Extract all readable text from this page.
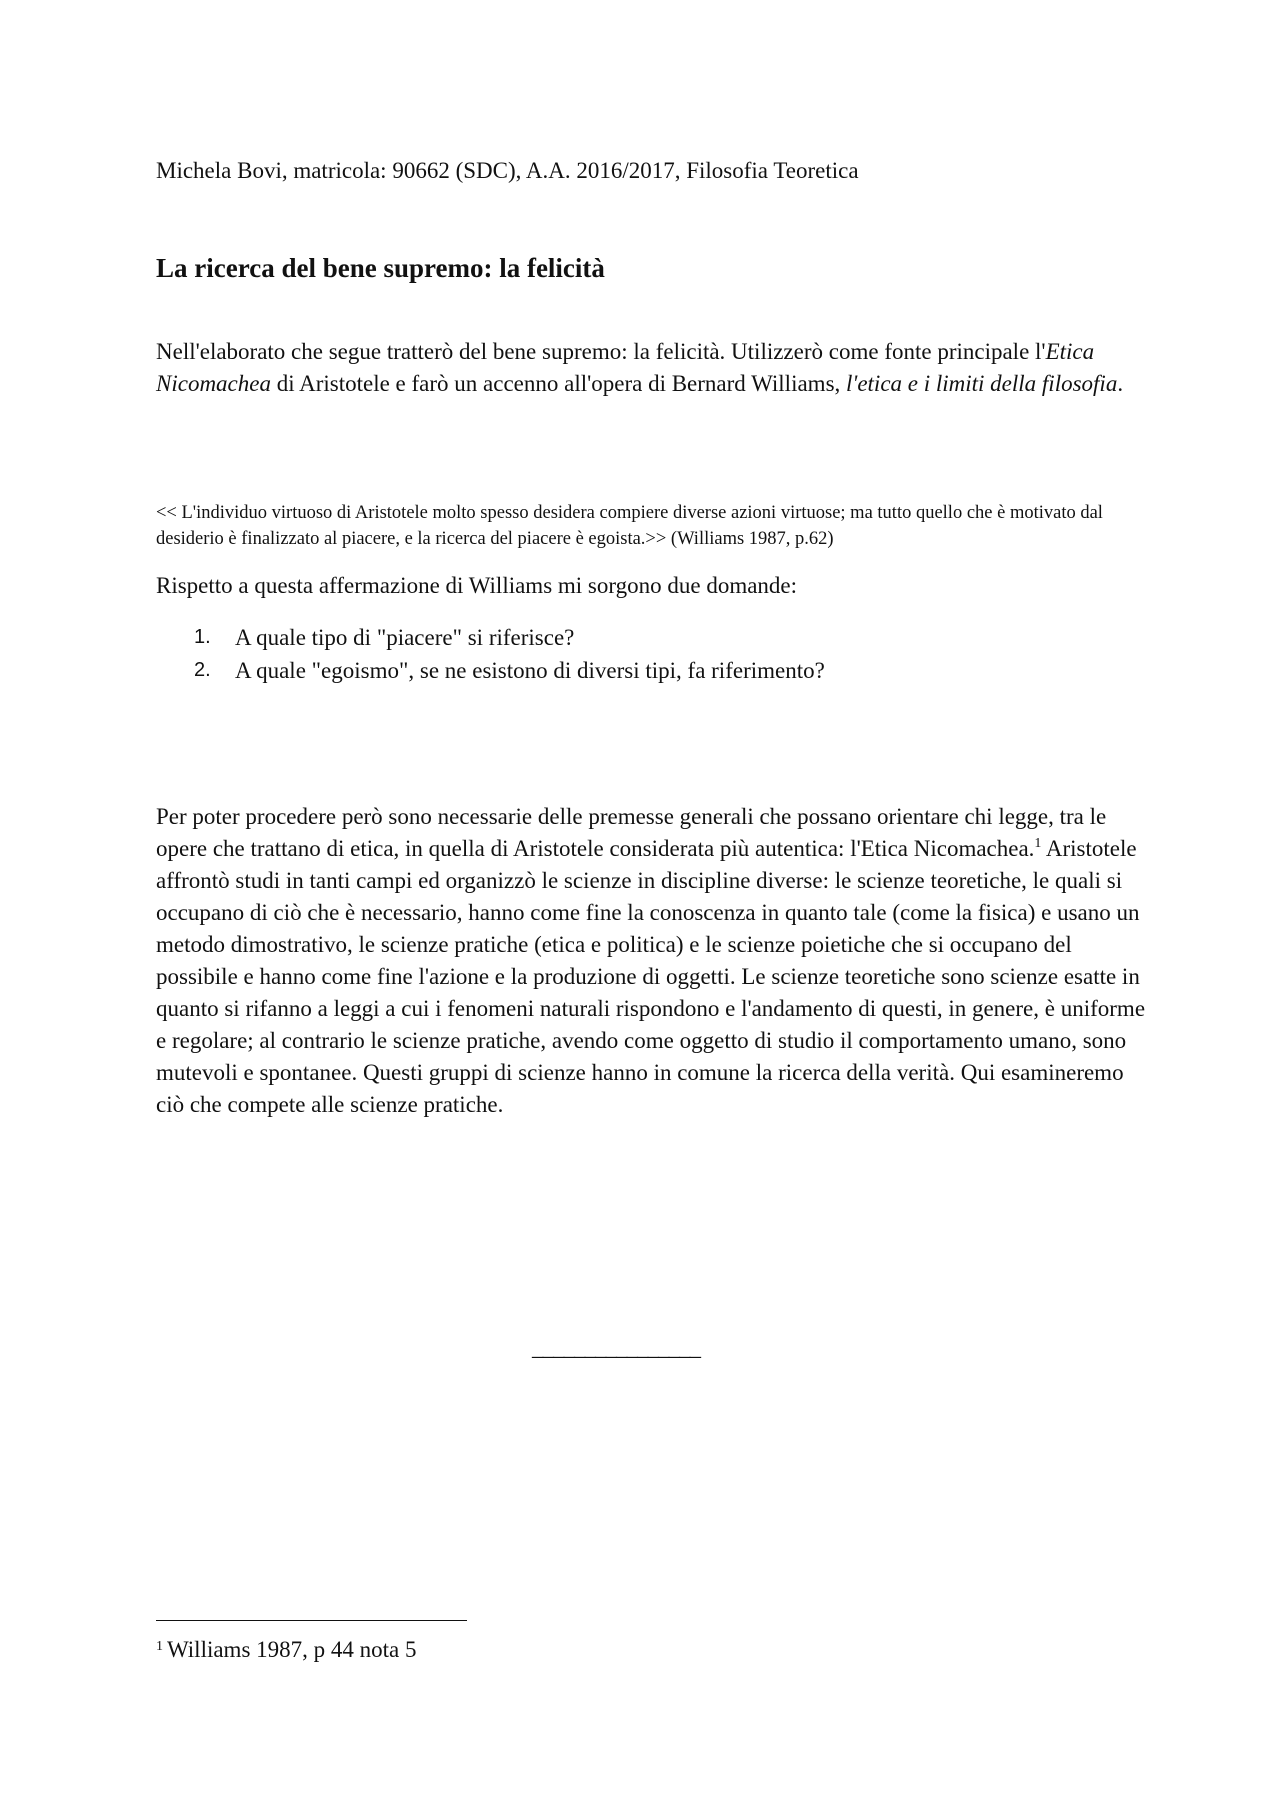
Michela Bovi, matricola: 90662 (SDC), A.A. 2016/2017, Filosofia Teoretica
La ricerca del bene supremo: la felicità

Nell'elaborato che segue tratterò del bene supremo: la felicità. Utilizzerò come fonte principale l'Etica Nicomachea di Aristotele e farò un accenno all'opera di Bernard Williams, l'etica e i limiti della filosofia.

<< L'individuo virtuoso di Aristotele molto spesso desidera compiere diverse azioni virtuose; ma tutto quello che è motivato dal desiderio è finalizzato al piacere, e la ricerca del piacere è egoista.>> (Williams 1987, p.62)

Rispetto a questa affermazione di Williams mi sorgono due domande:

1.	A quale tipo di "piacere" si riferisce?
2.	A quale "egoismo", se ne esistono di diversi tipi, fa riferimento?

Per poter procedere però sono necessarie delle premesse generali che possano orientare chi legge, tra le opere che trattano di etica, in quella di Aristotele considerata più autentica: l'Etica Nicomachea.$^1$ Aristotele affrontò studi in tanti campi ed organizzò le scienze in discipline diverse: le scienze teoretiche, le quali si occupano di ciò che è necessario, hanno come fine la conoscenza in quanto tale (come la fisica) e usano un metodo dimostrativo, le scienze pratiche (etica e politica) e le scienze poietiche che si occupano del possibile e hanno come fine l'azione e la produzione di oggetti. Le scienze teoretiche sono scienze esatte in quanto si rifanno a leggi a cui i fenomeni naturali rispondono e l'andamento di questi, in genere, è uniforme e regolare; al contrario le scienze pratiche, avendo come oggetto di studio il comportamento umano, sono mutevoli e spontanee. Questi gruppi di scienze hanno in comune la ricerca della verità. Qui esamineremo ciò che compete alle scienze pratiche.

________________
$^1$ Williams 1987, p 44 nota 5
